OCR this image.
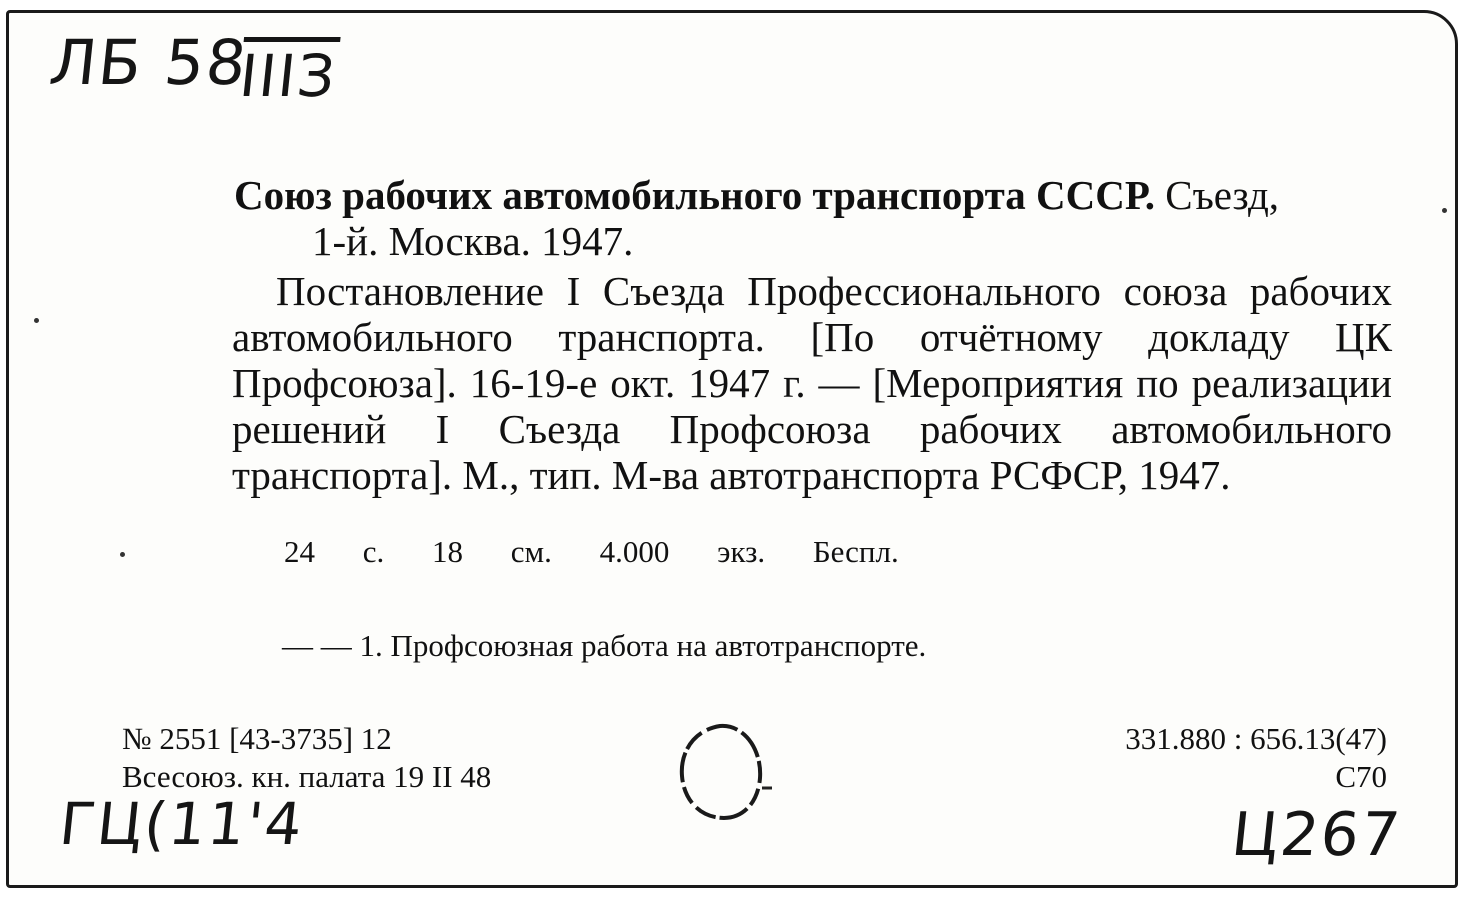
ЛБ 58
ІІІЗ
Союз рабочих автомобильного транспорта СССР. Съезд,
1-й. Москва. 1947.
Постановление I Съезда Профессионального союза рабочих автомобильного транспорта. [По отчётному докладу ЦК Профсоюза]. 16-19-е окт. 1947 г. — [Мероприятия по реализации решений I Съезда Профсоюза рабочих автомобильного транспорта]. М., тип. М-ва автотранспорта РСФСР, 1947.
24 с. 18 см. 4.000 экз. Беспл.
— — 1. Профсоюзная работа на автотранспорте.
№ 2551 [43-3735] 12
Всесоюз. кн. палата 19 II 48
331.880 : 656.13(47)
С70
ГЦ(11'4	Ц267
